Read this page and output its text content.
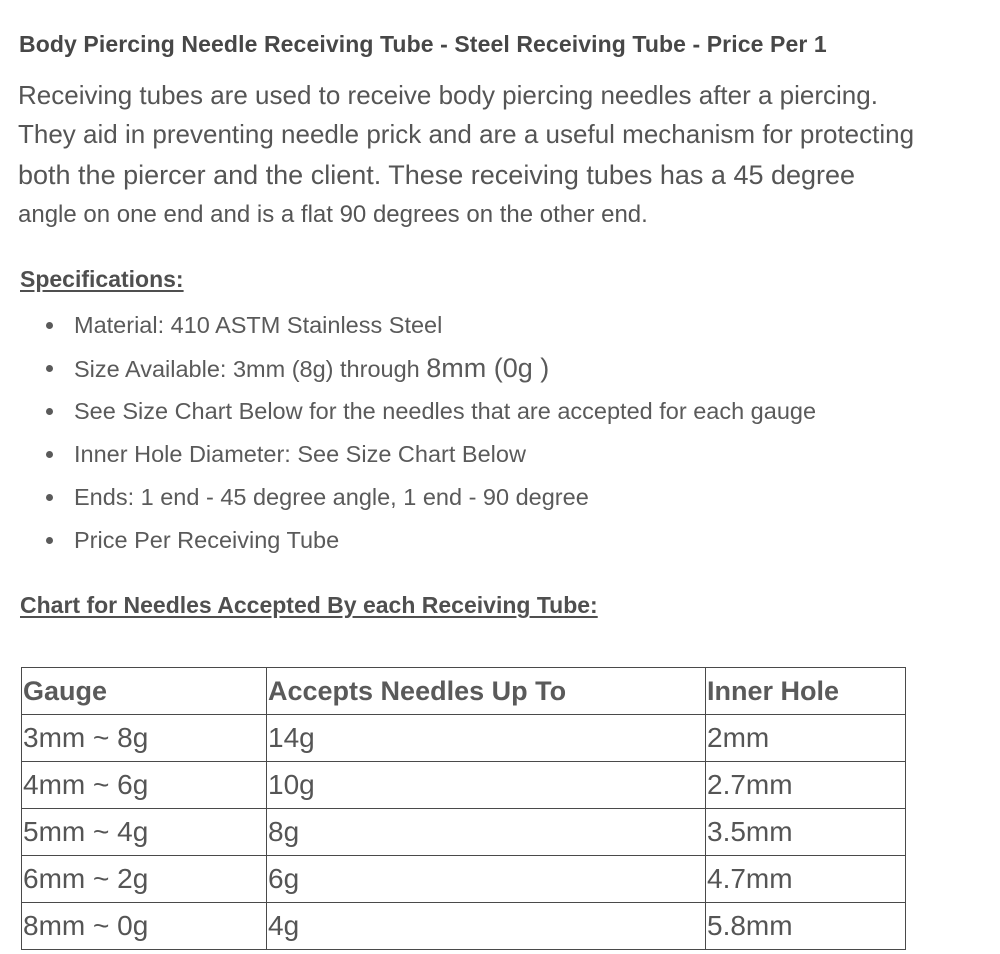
Body Piercing Needle Receiving Tube - Steel Receiving Tube - Price Per 1

Receiving tubes are used to receive body piercing needles after a piercing.
They aid in preventing needle prick and are a useful mechanism for protecting
both the piercer and the client. These receiving tubes has a 45 degree
angle on one end and is a flat 90 degrees on the other end.

Specifications:
Material: 410 ASTM Stainless Steel
Size Available: 3mm (8g) through 8mm (0g )
See Size Chart Below for the needles that are accepted for each gauge
Inner Hole Diameter: See Size Chart Below
Ends: 1 end - 45 degree angle, 1 end - 90 degree
Price Per Receiving Tube
Chart for Needles Accepted By each Receiving Tube:
Gauge	Accepts Needles Up To	Inner Hole
3mm ~ 8g	14g	2mm
4mm ~ 6g	10g	2.7mm
5mm ~ 4g	8g	3.5mm
6mm ~ 2g	6g	4.7mm
8mm ~ 0g	4g	5.8mm
